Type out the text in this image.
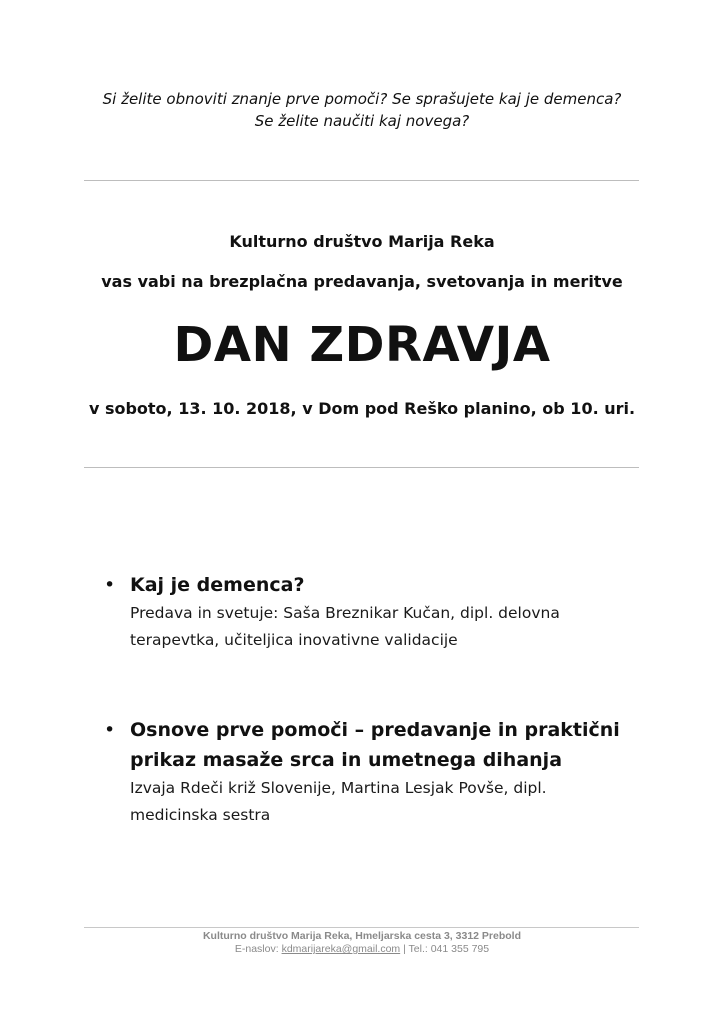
Si želite obnoviti znanje prve pomoči? Se sprašujete kaj je demenca?
Se želite naučiti kaj novega?
Kulturno društvo Marija Reka
vas vabi na brezplačna predavanja, svetovanja in meritve
DAN ZDRAVJA
v soboto, 13. 10. 2018, v Dom pod Reško planino, ob 10. uri.
• Kaj je demenca?
Predava in svetuje: Saša Breznikar Kučan, dipl. delovna
terapevtka, učiteljica inovativne validacije
• Osnove prve pomoči – predavanje in praktični
prikaz masaže srca in umetnega dihanja
Izvaja Rdeči križ Slovenije, Martina Lesjak Povše, dipl.
medicinska sestra
Kulturno društvo Marija Reka, Hmeljarska cesta 3, 3312 Prebold
E-naslov: kdmarijareka@gmail.com | Tel.: 041 355 795
